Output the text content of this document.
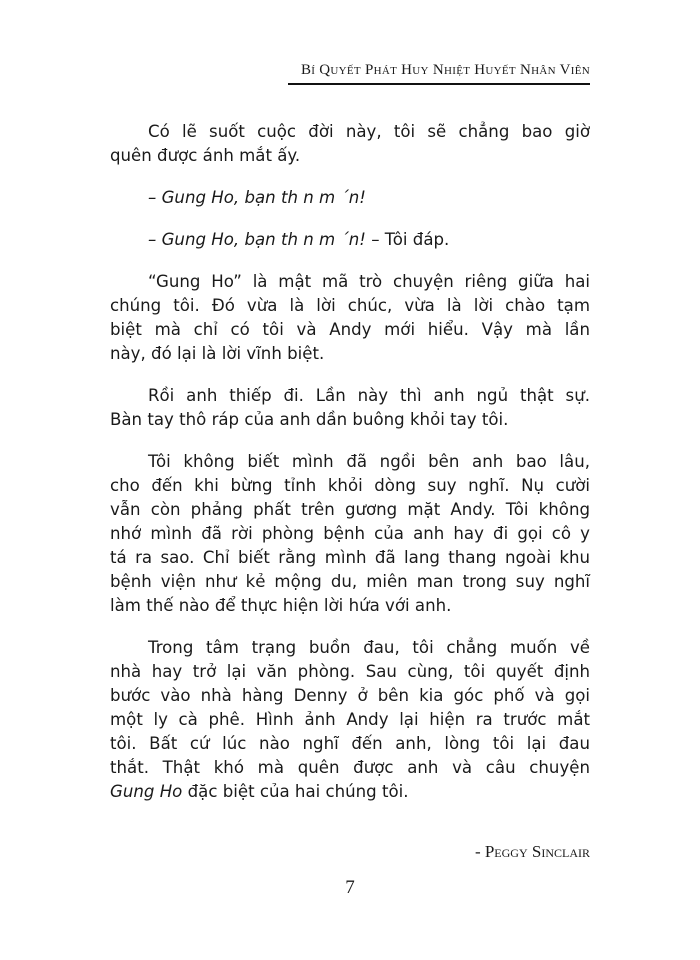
Bí Quyết Phát Huy Nhiệt Huyết Nhân Viên
Có lẽ suốt cuộc đời này, tôi sẽ chẳng bao giờ
quên được ánh mắt ấy.
– Gung Ho, bạn th n m ´n!
– Gung Ho, bạn th n m ´n! – Tôi đáp.
“Gung Ho” là mật mã trò chuyện riêng giữa hai
chúng tôi. Đó vừa là lời chúc, vừa là lời chào tạm
biệt mà chỉ có tôi và Andy mới hiểu. Vậy mà lần
này, đó lại là lời vĩnh biệt.
Rồi anh thiếp đi. Lần này thì anh ngủ thật sự.
Bàn tay thô ráp của anh dần buông khỏi tay tôi.
Tôi không biết mình đã ngồi bên anh bao lâu,
cho đến khi bừng tỉnh khỏi dòng suy nghĩ. Nụ cười
vẫn còn phảng phất trên gương mặt Andy. Tôi không
nhớ mình đã rời phòng bệnh của anh hay đi gọi cô y
tá ra sao. Chỉ biết rằng mình đã lang thang ngoài khu
bệnh viện như kẻ mộng du, miên man trong suy nghĩ
làm thế nào để thực hiện lời hứa với anh.
Trong tâm trạng buồn đau, tôi chẳng muốn về
nhà hay trở lại văn phòng. Sau cùng, tôi quyết định
bước vào nhà hàng Denny ở bên kia góc phố và gọi
một ly cà phê. Hình ảnh Andy lại hiện ra trước mắt
tôi. Bất cứ lúc nào nghĩ đến anh, lòng tôi lại đau
thắt. Thật khó mà quên được anh và câu chuyện
Gung Ho đặc biệt của hai chúng tôi.
- Peggy Sinclair
7
